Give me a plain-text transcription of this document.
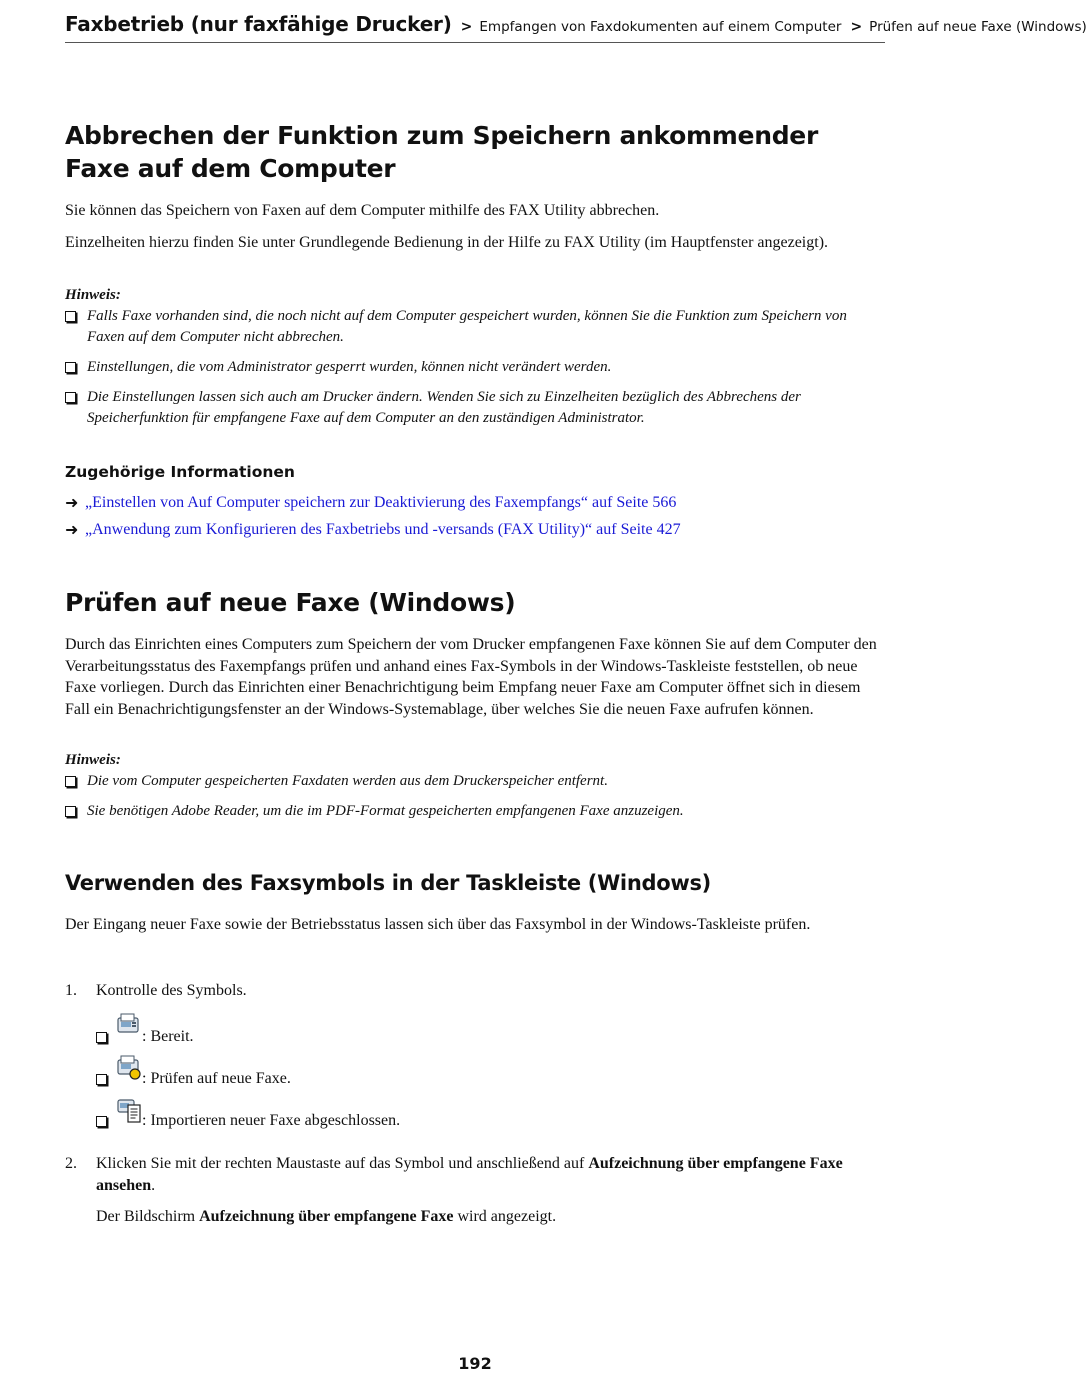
Faxbetrieb (nur faxfähige Drucker) > Empfangen von Faxdokumenten auf einem Computer > Prüfen auf neue Faxe (Windows)
Abbrechen der Funktion zum Speichern ankommender Faxe auf dem Computer

Sie können das Speichern von Faxen auf dem Computer mithilfe des FAX Utility abbrechen.

Einzelheiten hierzu finden Sie unter Grundlegende Bedienung in der Hilfe zu FAX Utility (im Hauptfenster angezeigt).

Hinweis:
Falls Faxe vorhanden sind, die noch nicht auf dem Computer gespeichert wurden, können Sie die Funktion zum Speichern von Faxen auf dem Computer nicht abbrechen.
Einstellungen, die vom Administrator gesperrt wurden, können nicht verändert werden.
Die Einstellungen lassen sich auch am Drucker ändern. Wenden Sie sich zu Einzelheiten bezüglich des Abbrechens der Speicherfunktion für empfangene Faxe auf dem Computer an den zuständigen Administrator.
Zugehörige Informationen
➜ „Einstellen von Auf Computer speichern zur Deaktivierung des Faxempfangs“ auf Seite 566
➜ „Anwendung zum Konfigurieren des Faxbetriebs und -versands (FAX Utility)“ auf Seite 427
Prüfen auf neue Faxe (Windows)

Durch das Einrichten eines Computers zum Speichern der vom Drucker empfangenen Faxe können Sie auf dem Computer den Verarbeitungsstatus des Faxempfangs prüfen und anhand eines Fax-Symbols in der Windows-Taskleiste feststellen, ob neue Faxe vorliegen. Durch das Einrichten einer Benachrichtigung beim Empfang neuer Faxe am Computer öffnet sich in diesem Fall ein Benachrichtigungsfenster an der Windows-Systemablage, über welches Sie die neuen Faxe aufrufen können.

Hinweis:
Die vom Computer gespeicherten Faxdaten werden aus dem Druckerspeicher entfernt.
Sie benötigen Adobe Reader, um die im PDF-Format gespeicherten empfangenen Faxe anzuzeigen.
Verwenden des Faxsymbols in der Taskleiste (Windows)

Der Eingang neuer Faxe sowie der Betriebsstatus lassen sich über das Faxsymbol in der Windows-Taskleiste prüfen.

1. Kontrolle des Symbols.
: Bereit.
: Prüfen auf neue Faxe.
: Importieren neuer Faxe abgeschlossen.
2. Klicken Sie mit der rechten Maustaste auf das Symbol und anschließend auf Aufzeichnung über empfangene Faxe ansehen.
Der Bildschirm Aufzeichnung über empfangene Faxe wird angezeigt.
192
